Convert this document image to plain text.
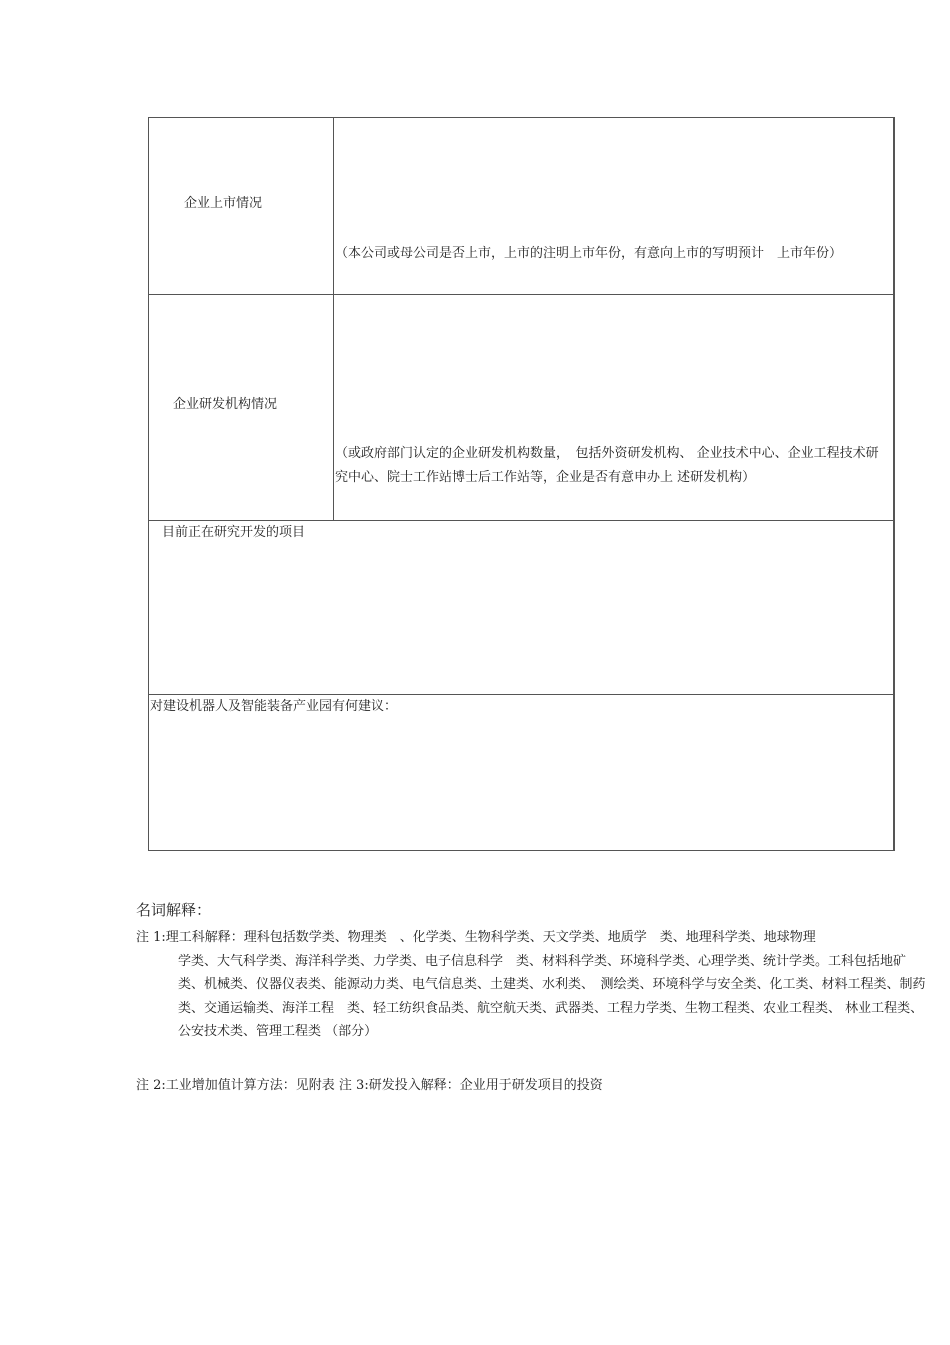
企业上市情况
（本公司或母公司是否上市，上市的注明上市年份，有意向上市的写明预计　上市年份）
企业研发机构情况
（或政府部门认定的企业研发机构数量，　包括外资研发机构、 企业技术中心、企业工程技术研究中心、院士工作站博士后工作站等，企业是否有意申办上 述研发机构）
目前正在研究开发的项目
对建设机器人及智能装备产业园有何建议：
名词解释：
注 1:理工科解释：理科包括数学类、物理类　、化学类、生物科学类、天文学类、地质学　类、地理科学类、地球物理
学类、大气科学类、海洋科学类、力学类、电子信息科学　类、材料科学类、环境科学类、心理学类、统计学类。工科包括地矿类、机械类、仪器仪表类、能源动力类、电气信息类、土建类、水利类、　测绘类、环境科学与安全类、化工类、材料工程类、制药类、交通运输类、海洋工程　类、轻工纺织食品类、航空航天类、武器类、工程力学类、生物工程类、农业工程类、 林业工程类、公安技术类、管理工程类 （部分）
注 2:工业增加值计算方法：见附表 注 3:研发投入解释：企业用于研发项目的投资
